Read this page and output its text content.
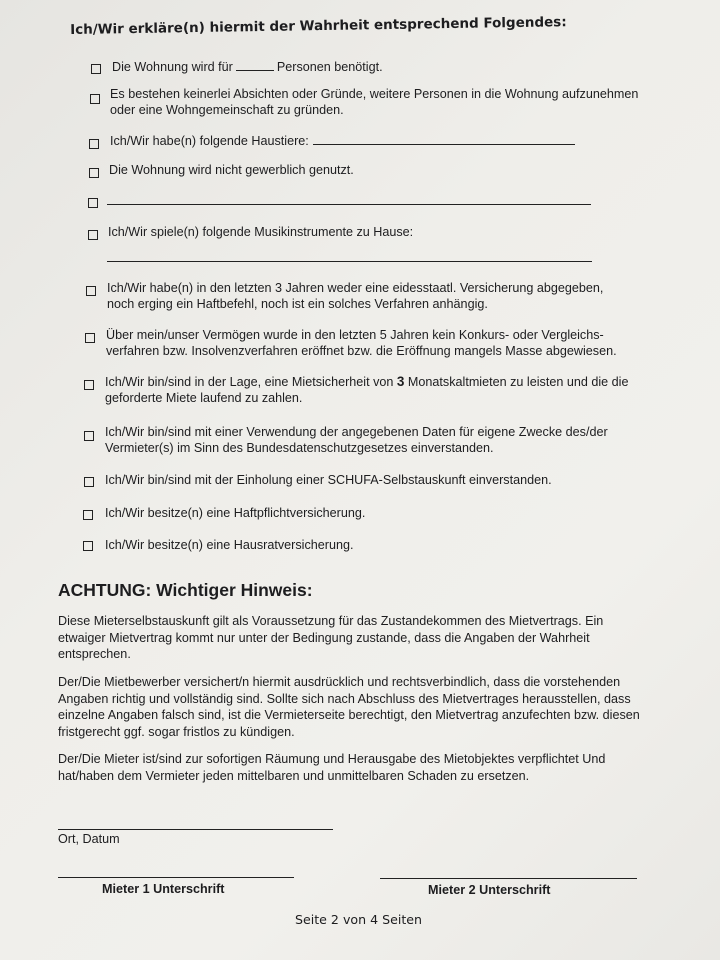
Ich/Wir erkläre(n) hiermit der Wahrheit entsprechend Folgendes:
Die Wohnung wird für	Personen benötigt.
Es bestehen keinerlei Absichten oder Gründe, weitere Personen in die Wohnung aufzunehmen oder eine Wohngemeinschaft zu gründen.
Ich/Wir habe(n) folgende Haustiere:
Die Wohnung wird nicht gewerblich genutzt.
Ich/Wir spiele(n) folgende Musikinstrumente zu Hause:
Ich/Wir habe(n) in den letzten 3 Jahren weder eine eidesstaatl. Versicherung abgegeben, noch erging ein Haftbefehl, noch ist ein solches Verfahren anhängig.
Über mein/unser Vermögen wurde in den letzten 5 Jahren kein Konkurs- oder Vergleichs-verfahren bzw. Insolvenzverfahren eröffnet bzw. die Eröffnung mangels Masse abgewiesen.
Ich/Wir bin/sind in der Lage, eine Mietsicherheit von 3 Monatskaltmieten zu leisten und die die geforderte Miete laufend zu zahlen.
Ich/Wir bin/sind mit einer Verwendung der angegebenen Daten für eigene Zwecke des/der Vermieter(s) im Sinn des Bundesdatenschutzgesetzes einverstanden.
Ich/Wir bin/sind mit der Einholung einer SCHUFA-Selbstauskunft einverstanden.
Ich/Wir besitze(n) eine Haftpflichtversicherung.
Ich/Wir besitze(n) eine Hausratversicherung.
ACHTUNG: Wichtiger Hinweis:
Diese Mieterselbstauskunft gilt als Voraussetzung für das Zustandekommen des Mietvertrags. Ein etwaiger Mietvertrag kommt nur unter der Bedingung zustande, dass die Angaben der Wahrheit entsprechen.
Der/Die Mietbewerber versichert/n hiermit ausdrücklich und rechtsverbindlich, dass die vorstehenden Angaben richtig und vollständig sind. Sollte sich nach Abschluss des Mietvertrages herausstellen, dass einzelne Angaben falsch sind, ist die Vermieterseite berechtigt, den Mietvertrag anzufechten bzw. diesen fristgerecht ggf. sogar fristlos zu kündigen.
Der/Die Mieter ist/sind zur sofortigen Räumung und Herausgabe des Mietobjektes verpflichtet Und hat/haben dem Vermieter jeden mittelbaren und unmittelbaren Schaden zu ersetzen.
Ort, Datum
Mieter 1 Unterschrift	Mieter 2 Unterschrift
Seite 2 von 4 Seiten
